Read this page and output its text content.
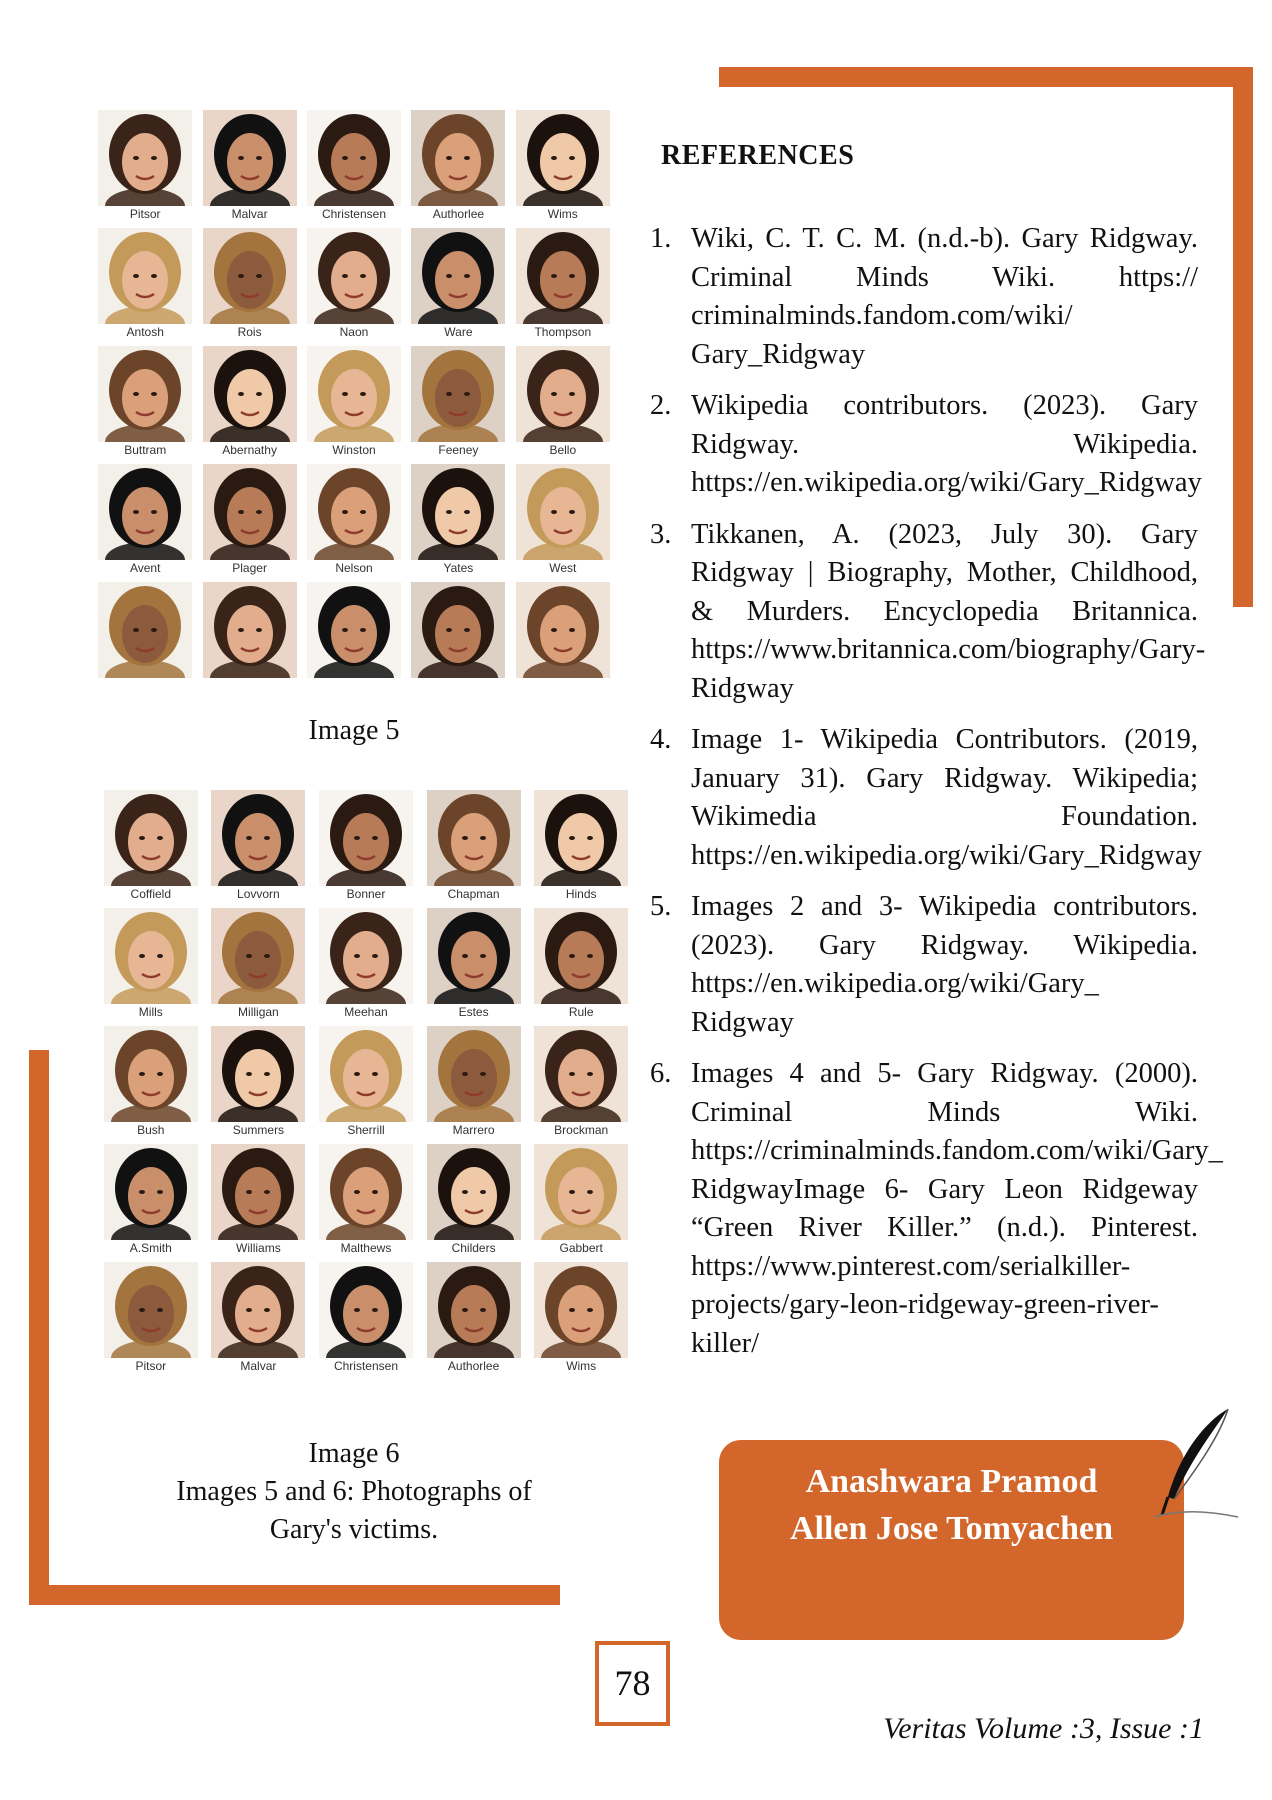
Pitsor	Malvar	Christensen	Authorlee	Wims
Antosh	Rois	Naon	Ware	Thompson
Buttram	Abernathy	Winston	Feeney	Bello
Avent	Plager	Nelson	Yates	West
Image 5
Coffield	Lovvorn	Bonner	Chapman	Hinds
Mills	Milligan	Meehan	Estes	Rule
Bush	Summers	Sherrill	Marrero	Brockman
A.Smith	Williams	Malthews	Childers	Gabbert
Pitsor	Malvar	Christensen	Authorlee	Wims
Image 6
Images 5 and 6: Photographs of
Gary's victims.
REFERENCES
1. Wiki, C. T. C. M. (n.d.-b). Gary Ridgway. Criminal Minds Wiki. https:// criminalminds.fandom.com/wiki/ Gary_Ridgway
2. Wikipedia contributors. (2023). Gary Ridgway. Wikipedia. https://en.wikipedia.org/wiki/Gary_Ridgway
3. Tikkanen, A. (2023, July 30). Gary Ridgway | Biography, Mother, Childhood, & Murders. Encyclopedia Britannica. https://www.britannica.com/biography/Gary-Ridgway
4. Image 1- Wikipedia Contributors. (2019, January 31). Gary Ridgway. Wikipedia; Wikimedia Foundation. https://en.wikipedia.org/wiki/Gary_Ridgway
5. Images 2 and 3- Wikipedia contributors. (2023). Gary Ridgway. Wikipedia. https://en.wikipedia.org/wiki/Gary_ Ridgway
6. Images 4 and 5- Gary Ridgway. (2000). Criminal Minds Wiki. https://criminalminds.fandom.com/wiki/Gary_ RidgwayImage 6- Gary Leon Ridgeway “Green River Killer.” (n.d.). Pinterest. https://www.pinterest.com/serialkiller-projects/gary-leon-ridgeway-green-river-killer/
Anashwara Pramod
Allen Jose Tomyachen
78
Veritas Volume :3, Issue :1
